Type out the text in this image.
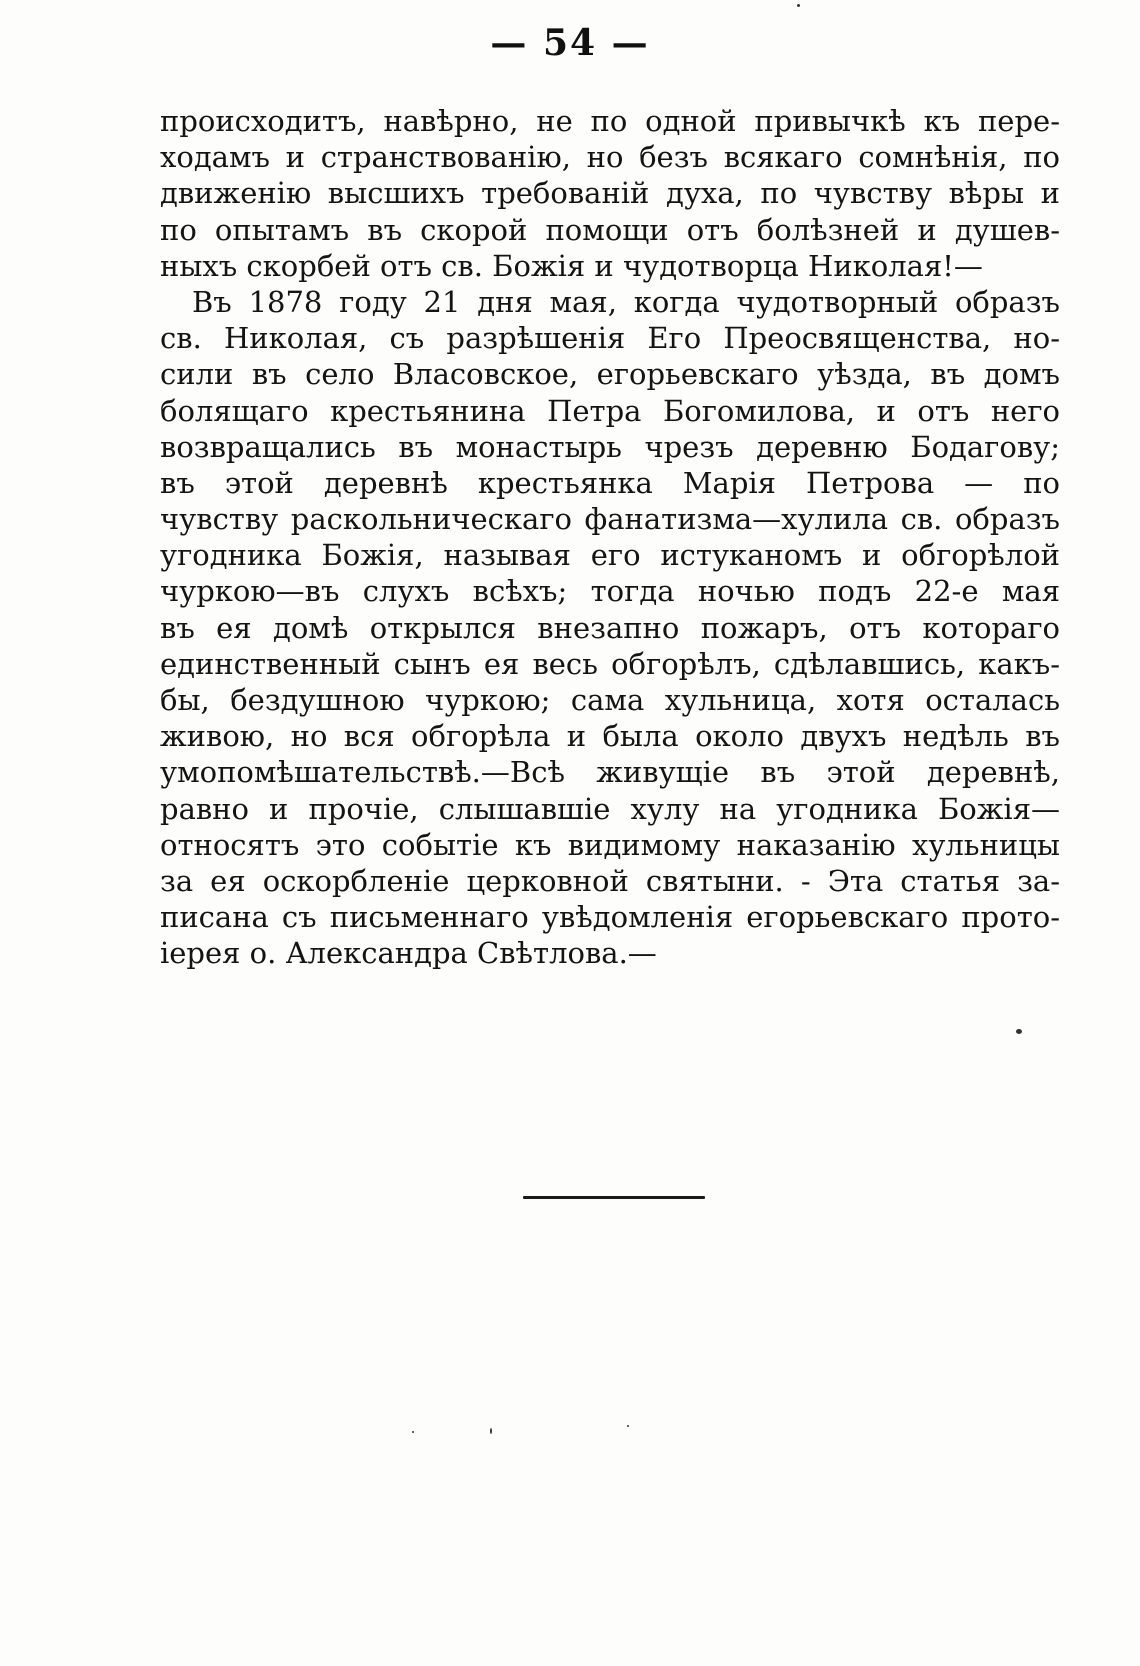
— 54 —
происходитъ, навѣрно, не по одной привычкѣ къ пере-
ходамъ и странствованію, но безъ всякаго сомнѣнія, по
движенію высшихъ требованій духа, по чувству вѣры и
по опытамъ въ скорой помощи отъ болѣзней и душев-
ныхъ скорбей отъ св. Божія и чудотворца Николая!—
Въ 1878 году 21 дня мая, когда чудотворный образъ
св. Николая, съ разрѣшенія Его Преосвященства, но-
сили въ село Власовское, егорьевскаго уѣзда, въ домъ
болящаго крестьянина Петра Богомилова, и отъ него
возвращались въ монастырь чрезъ деревню Бодагову;
въ этой деревнѣ крестьянка Марія Петрова — по
чувству раскольническаго фанатизма—хулила св. образъ
угодника Божія, называя его истуканомъ и обгорѣлой
чуркою—въ слухъ всѣхъ; тогда ночью подъ 22-е мая
въ ея домѣ открылся внезапно пожаръ, отъ котораго
единственный сынъ ея весь обгорѣлъ, сдѣлавшись, какъ-
бы, бездушною чуркою; сама хульница, хотя осталась
живою, но вся обгорѣла и была около двухъ недѣль въ
умопомѣшательствѣ.—Всѣ живущіе въ этой деревнѣ,
равно и прочіе, слышавшіе хулу на угодника Божія—
относятъ это событіе къ видимому наказанію хульницы
за ея оскорбленіе церковной святыни. - Эта статья за-
писана съ письменнаго увѣдомленія егорьевскаго прото-
іерея о. Александра Свѣтлова.—
